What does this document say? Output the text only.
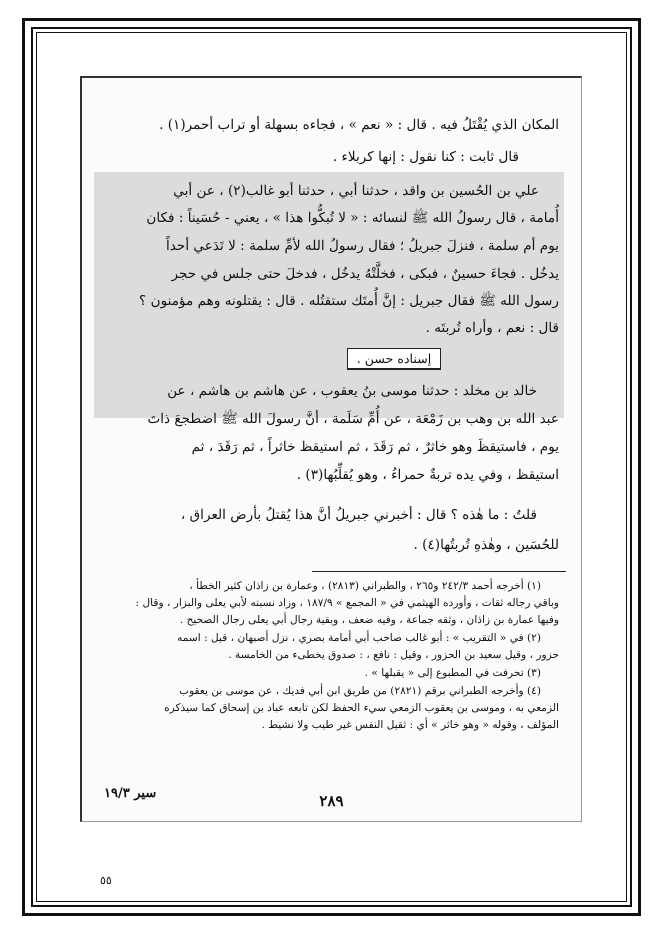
المكان الذي يُقْتَلُ فيه . قال : « نعم » ، فجاءه بسهلة أو تراب أحمر(١) .
قال ثابت : كنا نقول : إنها كربلاء .
علي بن الحُسين بن واقد ، حدثنا أبي ، حدثنا أبو غالب(٢) ، عن أبي
أُمامة ، قال رسولُ الله ﷺ لنسائه : « لا تُبكُّوا هذا » ، يعني - حُسَيناً : فكان
يوم أم سلمة ، فنزلَ جبريلُ ؛ فقال رسولُ الله لأمِّ سلمة : لا تَدَعي أحداً
يدخُل . فجاءَ حسينٌ ، فبكى ، فخلَّتْهُ يدخُل ، فدخلَ حتى جلس في حجر
رسول الله ﷺ فقال جبريل : إنَّ أُمتَك ستقتُله . قال : يقتلونه وهم مؤمنون ؟
قال : نعم ، وأراه تُربتَه .
إسناده حسن .
خالد بن مخلد : حدثنا موسى بنُ يعقوب ، عن هاشم بن هاشم ، عن
عبد الله بن وهب بن زَمْعَة ، عن أُمِّ سَلَمة ، أنَّ رسولَ الله ﷺ اضطجعَ ذاتَ
يوم ، فاستيقظَ وهو خاثرٌ ، ثم رَقَدَ ، ثم استيقظ خاثراً ، ثم رَقَدَ ، ثم
استيقظ ، وفي يده تربةٌ حمراءُ ، وهو يُقلِّبُها(٣) .
قلتُ : ما هٰذه ؟ قال : أخبرني جبريلُ أنَّ هذا يُقتلُ بأرض العراق ،
للحُسَين ، وهٰذهِ تُربتُها(٤) .
(١) أخرجه أحمد ٢٤٢/٣ و٢٦٥ ، والطبراني (٢٨١٣) ، وعمارة بن زاذان كثير الخطأ ،
وباقي رجاله ثقات ، وأورده الهيثمي في « المجمع » ١٨٧/٩ ، وزاد نسبته لأبي يعلى والبزار ، وقال :
وفيها عمارة بن زاذان ، وثقه جماعة ، وفيه ضعف ، وبقية رجال أبي يعلى رجال الصحيح .
(٢) في « التقريب » : أبو غالب صاحب أبي أمامة بصري ، نزل أصبهان ، قيل : اسمه
حزور ، وقيل سعيد بن الحزور ، وقيل : نافع ، : صدوق يخطىء من الخامسة .
(٣) تحرفت في المطبوع إلى « يقبلها » .
(٤) وأخرجه الطبراني برقم (٢٨٢١) من طريق ابن أبي فديك ، عن موسى بن يعقوب
الزمعي به ، وموسى بن يعقوب الزمعي سيء الحفظ لكن تابعه عباد بن إسحاق كما سيذكره
المؤلف ، وقوله « وهو خاثر » أي : ثقيل النفس غير طيب ولا نشيط .
سير ١٩/٣	٢٨٩
٥٥
